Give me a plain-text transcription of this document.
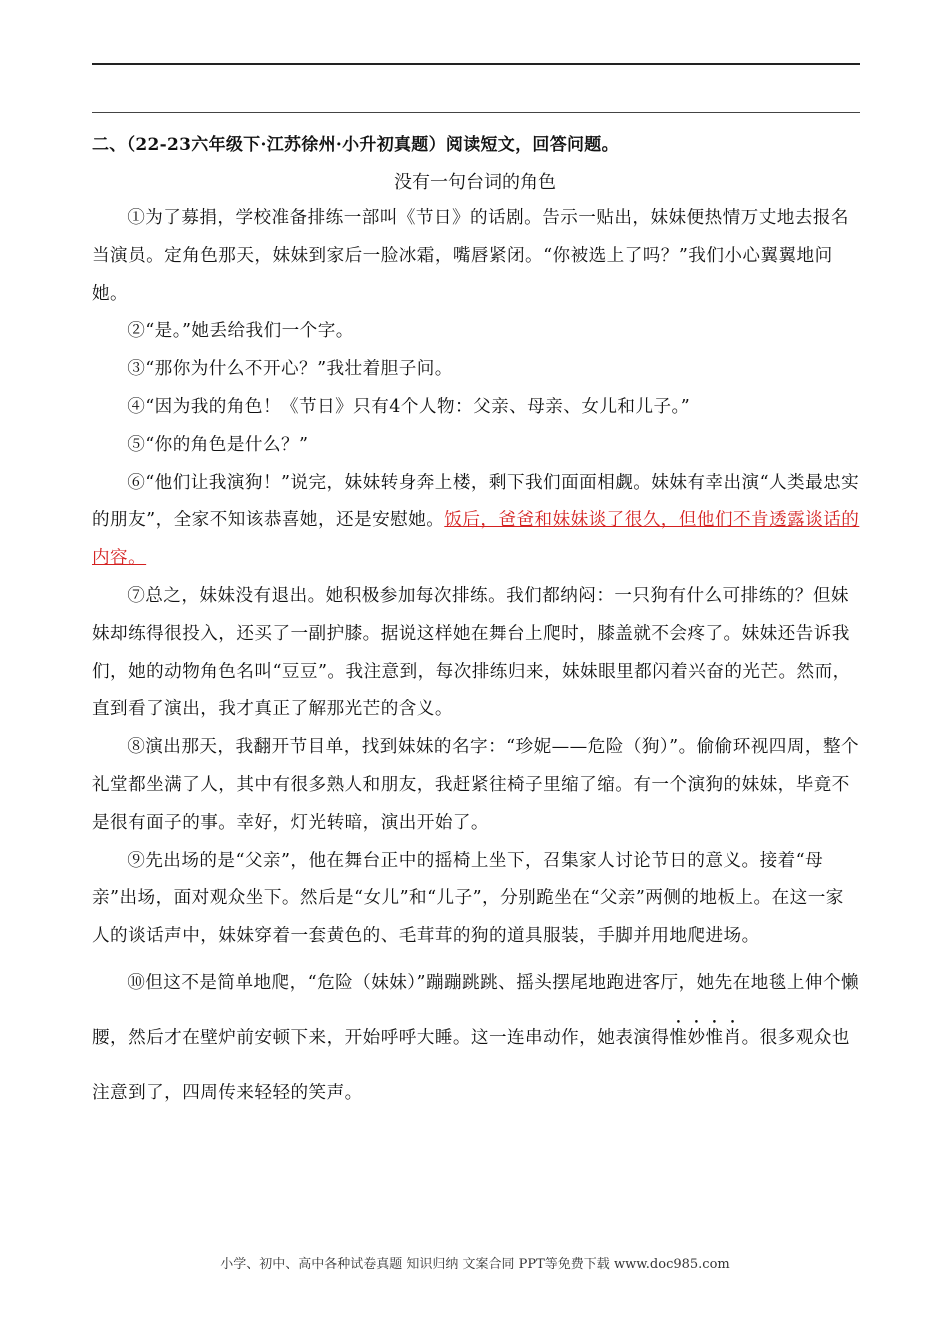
二、（22-23六年级下·江苏徐州·小升初真题）阅读短文，回答问题。
没有一句台词的角色

①为了募捐，学校准备排练一部叫《节日》的话剧。告示一贴出，妹妹便热情万丈地去报名当演员。定角色那天，妹妹到家后一脸冰霜，嘴唇紧闭。“你被选上了吗？”我们小心翼翼地问她。

②“是。”她丢给我们一个字。

③“那你为什么不开心？”我壮着胆子问。

④“因为我的角色！《节日》只有4个人物：父亲、母亲、女儿和儿子。”

⑤“你的角色是什么？”

⑥“他们让我演狗！”说完，妹妹转身奔上楼，剩下我们面面相觑。妹妹有幸出演“人类最忠实的朋友”，全家不知该恭喜她，还是安慰她。饭后，爸爸和妹妹谈了很久，但他们不肯透露谈话的内容。

⑦总之，妹妹没有退出。她积极参加每次排练。我们都纳闷：一只狗有什么可排练的？但妹妹却练得很投入，还买了一副护膝。据说这样她在舞台上爬时，膝盖就不会疼了。妹妹还告诉我们，她的动物角色名叫“豆豆”。我注意到，每次排练归来，妹妹眼里都闪着兴奋的光芒。然而，直到看了演出，我才真正了解那光芒的含义。

⑧演出那天，我翻开节目单，找到妹妹的名字：“珍妮——危险（狗）”。偷偷环视四周，整个礼堂都坐满了人，其中有很多熟人和朋友，我赶紧往椅子里缩了缩。有一个演狗的妹妹，毕竟不是很有面子的事。幸好，灯光转暗，演出开始了。

⑨先出场的是“父亲”，他在舞台正中的摇椅上坐下，召集家人讨论节日的意义。接着“母亲”出场，面对观众坐下。然后是“女儿”和“儿子”，分别跪坐在“父亲”两侧的地板上。在这一家人的谈话声中，妹妹穿着一套黄色的、毛茸茸的狗的道具服装，手脚并用地爬进场。

⑩但这不是简单地爬，“危险（妹妹）”蹦蹦跳跳、摇头摆尾地跑进客厅，她先在地毯上伸个懒腰，然后才在壁炉前安顿下来，开始呼呼大睡。这一连串动作，她表演得惟妙惟肖。很多观众也注意到了，四周传来轻轻的笑声。

小学、初中、高中各种试卷真题 知识归纳 文案合同 PPT等免费下载 www.doc985.com
